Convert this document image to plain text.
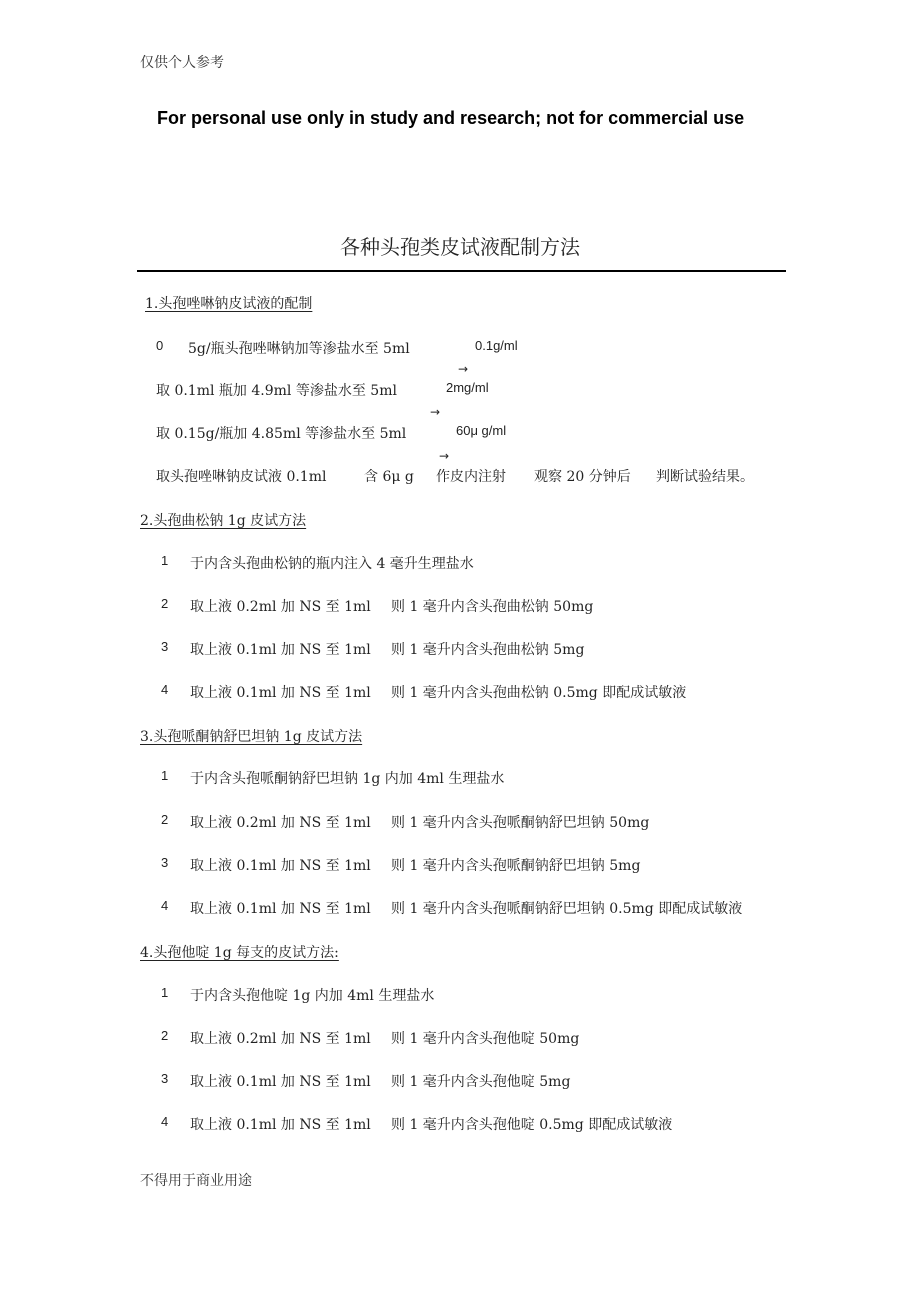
仅供个人参考
For personal use only in study and research; not for commercial use
各种头孢类皮试液配制方法
1.头孢唑啉钠皮试液的配制
0 5g/瓶头孢唑啉钠加等渗盐水至 5ml	0.1g/ml
→
取 0.1ml 瓶加 4.9ml 等渗盐水至 5ml	2mg/ml
→
取 0.15g/瓶加 4.85ml 等渗盐水至 5ml	60μ g/ml
→
取头孢唑啉钠皮试液 0.1ml	含 6μ g 作皮内注射 观察 20 分钟后 判断试验结果。
2.头孢曲松钠 1g 皮试方法
1 于内含头孢曲松钠的瓶内注入 4 毫升生理盐水
2 取上液 0.2ml 加 NS 至 1ml 则 1 毫升内含头孢曲松钠 50mg
3 取上液 0.1ml 加 NS 至 1ml 则 1 毫升内含头孢曲松钠 5mg
4 取上液 0.1ml 加 NS 至 1ml 则 1 毫升内含头孢曲松钠 0.5mg 即配成试敏液
3.头孢哌酮钠舒巴坦钠 1g 皮试方法
1 于内含头孢哌酮钠舒巴坦钠 1g 内加 4ml 生理盐水
2 取上液 0.2ml 加 NS 至 1ml 则 1 毫升内含头孢哌酮钠舒巴坦钠 50mg
3 取上液 0.1ml 加 NS 至 1ml 则 1 毫升内含头孢哌酮钠舒巴坦钠 5mg
4 取上液 0.1ml 加 NS 至 1ml 则 1 毫升内含头孢哌酮钠舒巴坦钠 0.5mg 即配成试敏液
4.头孢他啶 1g 每支的皮试方法:
1 于内含头孢他啶 1g 内加 4ml 生理盐水
2 取上液 0.2ml 加 NS 至 1ml 则 1 毫升内含头孢他啶 50mg
3 取上液 0.1ml 加 NS 至 1ml 则 1 毫升内含头孢他啶 5mg
4 取上液 0.1ml 加 NS 至 1ml 则 1 毫升内含头孢他啶 0.5mg 即配成试敏液
不得用于商业用途
